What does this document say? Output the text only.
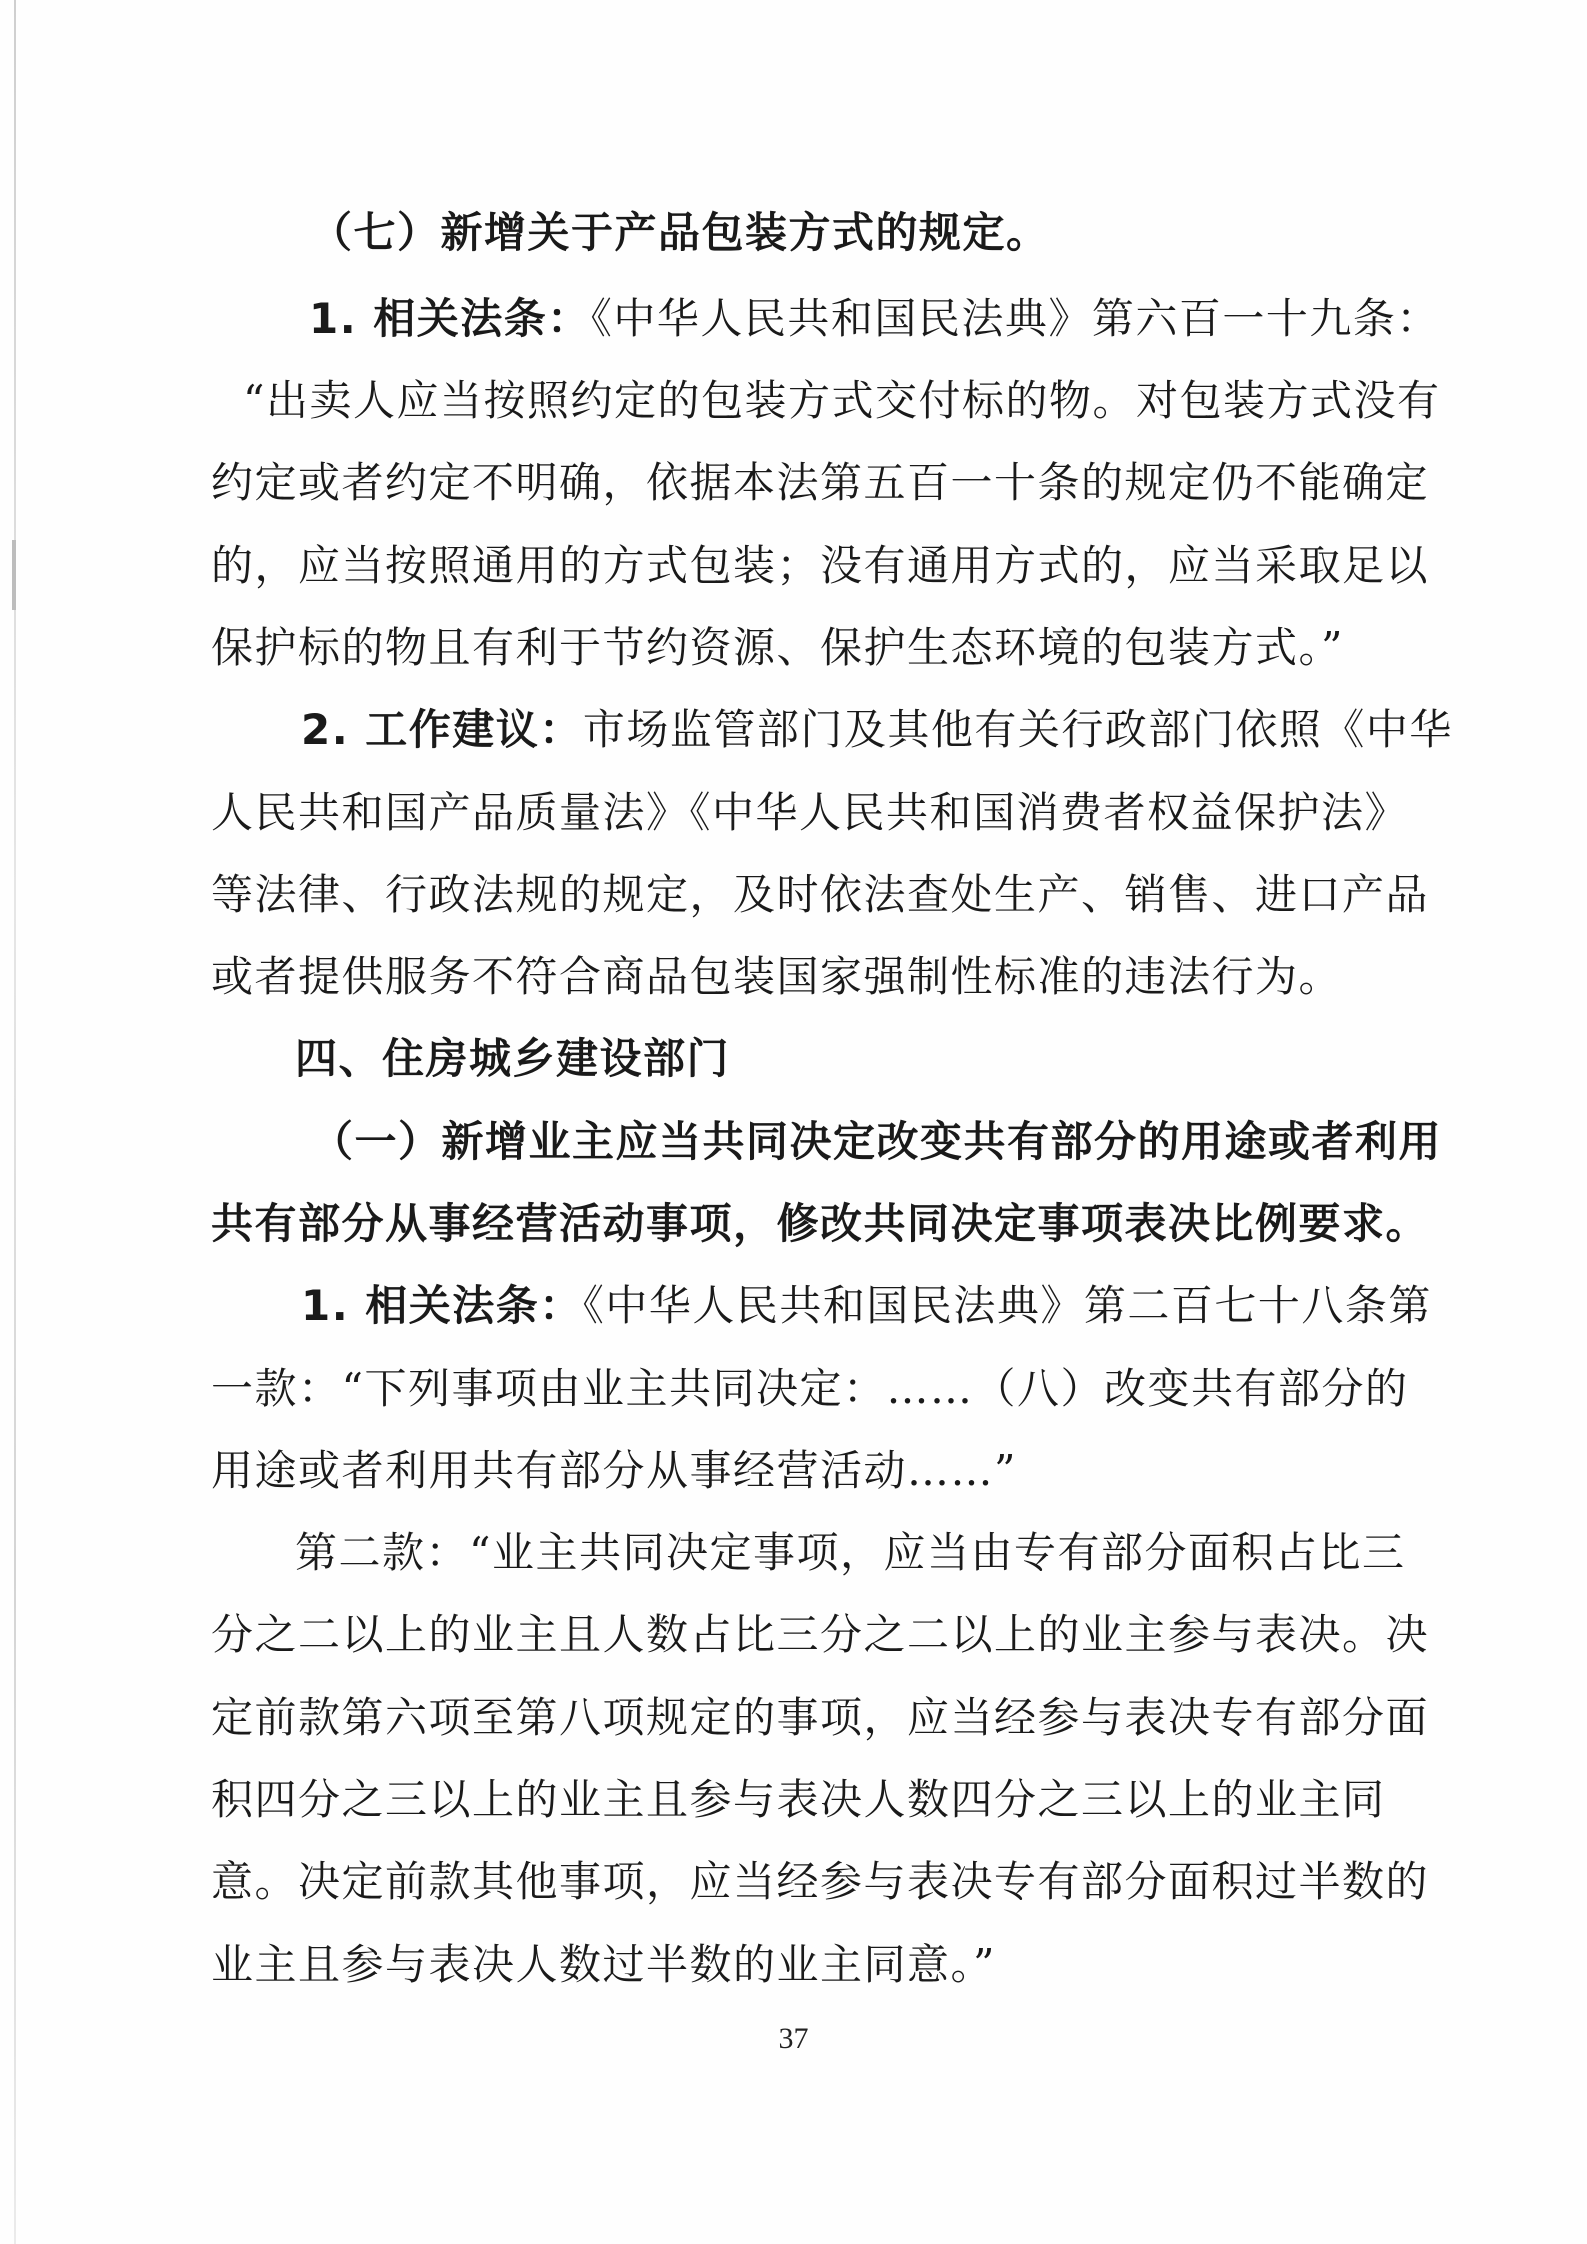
（七）新增关于产品包装方式的规定。
1. 相关法条：《中华人民共和国民法典》第六百一十九条：
“出卖人应当按照约定的包装方式交付标的物。对包装方式没有
约定或者约定不明确，依据本法第五百一十条的规定仍不能确定
的，应当按照通用的方式包装；没有通用方式的，应当采取足以
保护标的物且有利于节约资源、保护生态环境的包装方式。”
2. 工作建议：市场监管部门及其他有关行政部门依照《中华
人民共和国产品质量法》《中华人民共和国消费者权益保护法》
等法律、行政法规的规定，及时依法查处生产、销售、进口产品
或者提供服务不符合商品包装国家强制性标准的违法行为。
四、住房城乡建设部门
（一）新增业主应当共同决定改变共有部分的用途或者利用
共有部分从事经营活动事项，修改共同决定事项表决比例要求。
1. 相关法条：《中华人民共和国民法典》第二百七十八条第
一款：“下列事项由业主共同决定：……（八）改变共有部分的
用途或者利用共有部分从事经营活动……”
第二款：“业主共同决定事项，应当由专有部分面积占比三
分之二以上的业主且人数占比三分之二以上的业主参与表决。决
定前款第六项至第八项规定的事项，应当经参与表决专有部分面
积四分之三以上的业主且参与表决人数四分之三以上的业主同
意。决定前款其他事项，应当经参与表决专有部分面积过半数的
业主且参与表决人数过半数的业主同意。”
37
